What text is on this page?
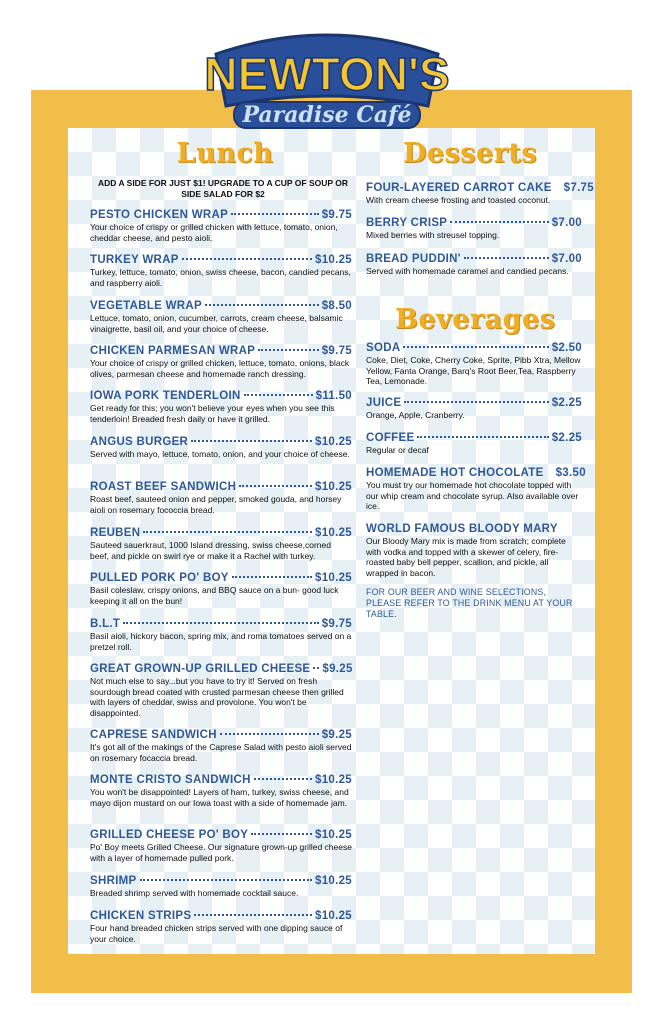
NEWTON'S
Paradise Café
Lunch
ADD A SIDE FOR JUST $1! UPGRADE TO A CUP OF SOUP OR SIDE SALAD FOR $2
PESTO CHICKEN WRAP	$9.75
Your choice of crispy or grilled chicken with lettuce, tomato, onion, cheddar cheese, and pesto aioli.
TURKEY WRAP	$10.25
Turkey, lettuce, tomato, onion, swiss cheese, bacon, candied pecans, and raspberry aioli.
VEGETABLE WRAP	$8.50
Lettuce, tomato, onion, cucumber, carrots, cream cheese, balsamic vinaigrette, basil oil, and your choice of cheese.
CHICKEN PARMESAN WRAP	$9.75
Your choice of crispy or grilled chicken, lettuce, tomato, onions, black olives, parmesan cheese and homemade ranch dressing.
IOWA PORK TENDERLOIN	$11.50
Get ready for this; you won't believe your eyes when you see this tenderloin! Breaded fresh daily or have it grilled.
ANGUS BURGER	$10.25
Served with mayo, lettuce, tomato, onion, and your choice of cheese.
ROAST BEEF SANDWICH	$10.25
Roast beef, sauteed onion and pepper, smoked gouda, and horsey aioli on rosemary fococcia bread.
REUBEN	$10.25
Sauteed sauerkraut, 1000 Island dressing, swiss cheese,corned beef, and pickle on swirl rye or make it a Rachel with turkey.
PULLED PORK PO' BOY	$10.25
Basil coleslaw, crispy onions, and BBQ sauce on a bun- good luck keeping it all on the bun!
B.L.T	$9.75
Basil aioli, hickory bacon, spring mix, and roma tomatoes served on a pretzel roll.
GREAT GROWN-UP GRILLED CHEESE $9.25
Not much else to say...but you have to try it! Served on fresh sourdough bread coated with crusted parmesan cheese then grilled with layers of cheddar, swiss and provolone. You won't be disappointed.
CAPRESE SANDWICH	$9.25
It's got all of the makings of the Caprese Salad with pesto aioli served on rosemary focaccia bread.
MONTE CRISTO SANDWICH	$10.25
You won't be disappointed! Layers of ham, turkey, swiss cheese, and mayo dijon mustard on our Iowa toast with a side of homemade jam.
GRILLED CHEESE PO' BOY	$10.25
Po' Boy meets Grilled Cheese. Our signature grown-up grilled cheese with a layer of homemade pulled pork.
SHRIMP	$10.25
Breaded shrimp served with homemade cocktail sauce.
CHICKEN STRIPS	$10.25
Four hand breaded chicken strips served with one dipping sauce of your choice.
Desserts
FOUR-LAYERED CARROT CAKE $7.75
With cream cheese frosting and toasted coconut.
BERRY CRISP	$7.00
Mixed berries with streusel topping.
BREAD PUDDIN'	$7.00
Served with homemade caramel and candied pecans.
Beverages
SODA	$2.50
Coke, Diet, Coke, Cherry Coke, Sprite, Pibb Xtra, Mellow Yellow, Fanta Orange, Barq's Root Beer,Tea, Raspberry Tea, Lemonade.
JUICE	$2.25
Orange, Apple, Cranberry.
COFFEE	$2.25
Regular or decaf
HOMEMADE HOT CHOCOLATE $3.50
You must try our homemade hot chocolate topped with our whip cream and chocolate syrup. Also available over ice.
WORLD FAMOUS BLOODY MARY
Our Bloody Mary mix is made from scratch; complete with vodka and topped with a skewer of celery, fire-roasted baby bell pepper, scallion, and pickle, all wrapped in bacon.
FOR OUR BEER AND WINE SELECTIONS, PLEASE REFER TO THE DRINK MENU AT YOUR TABLE.
